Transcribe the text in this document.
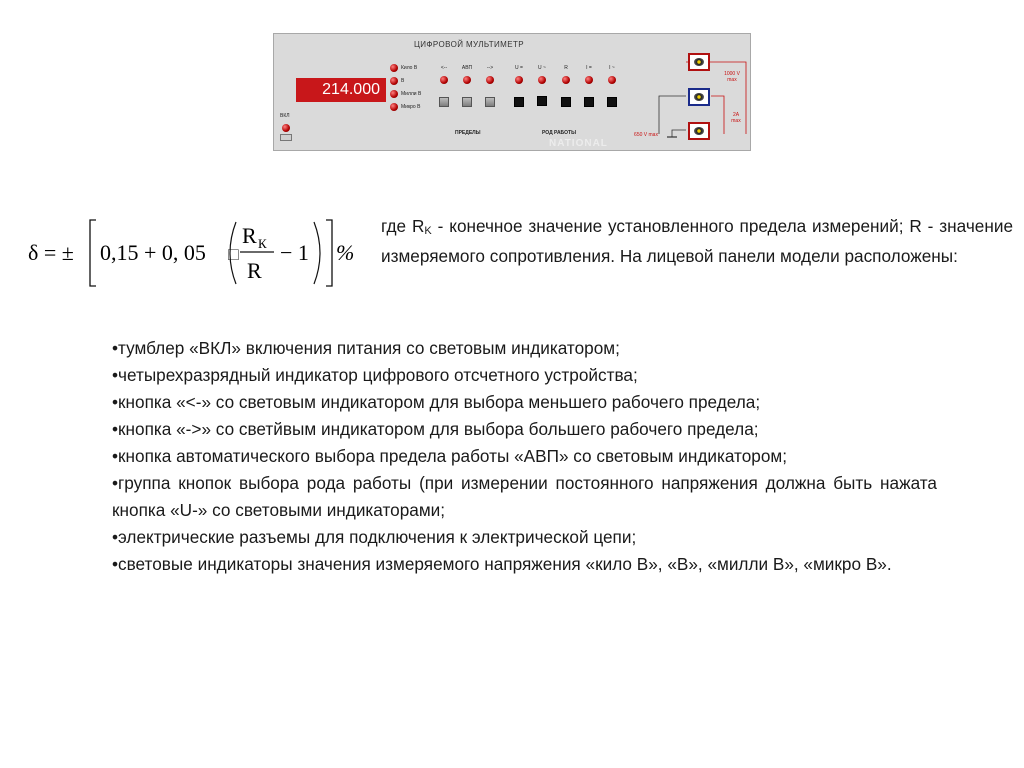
ЦИФРОВОЙ МУЛЬТИМЕТР
214.000
Кило В
В
Милли В
Микро В
<--	АВП	-->	U =	U ~	R	I =	I ~
ПРЕДЕЛЫ	РОД РАБОТЫ
ВКЛ
NATIONAL
1000 V
max
2A
max
650 V max
δ = ± 0,15 + 0, 05 □
R К
R
− 1 %
где $R_K$ - конечное значение установленного предела измерений; R - значение измеряемого сопротивления. На лицевой панели модели расположены:
•тумблер «ВКЛ» включения питания со световым индикатором;
•четырехразрядный индикатор цифрового отсчетного устройства;
•кнопка «<-» со световым индикатором для выбора меньшего рабочего предела;
•кнопка «->» со светйвым индикатором для выбора большего рабочего предела;
•кнопка автоматического выбора предела работы «АВП» со световым индикатором;
•группа кнопок выбора рода работы (при измерении постоянного напряжения должна быть нажата кнопка «U-» со световыми индикаторами;
•электрические разъемы для подключения к электрической цепи;
•световые индикаторы значения измеряемого напряжения «кило В», «В», «милли В», «микро В».
